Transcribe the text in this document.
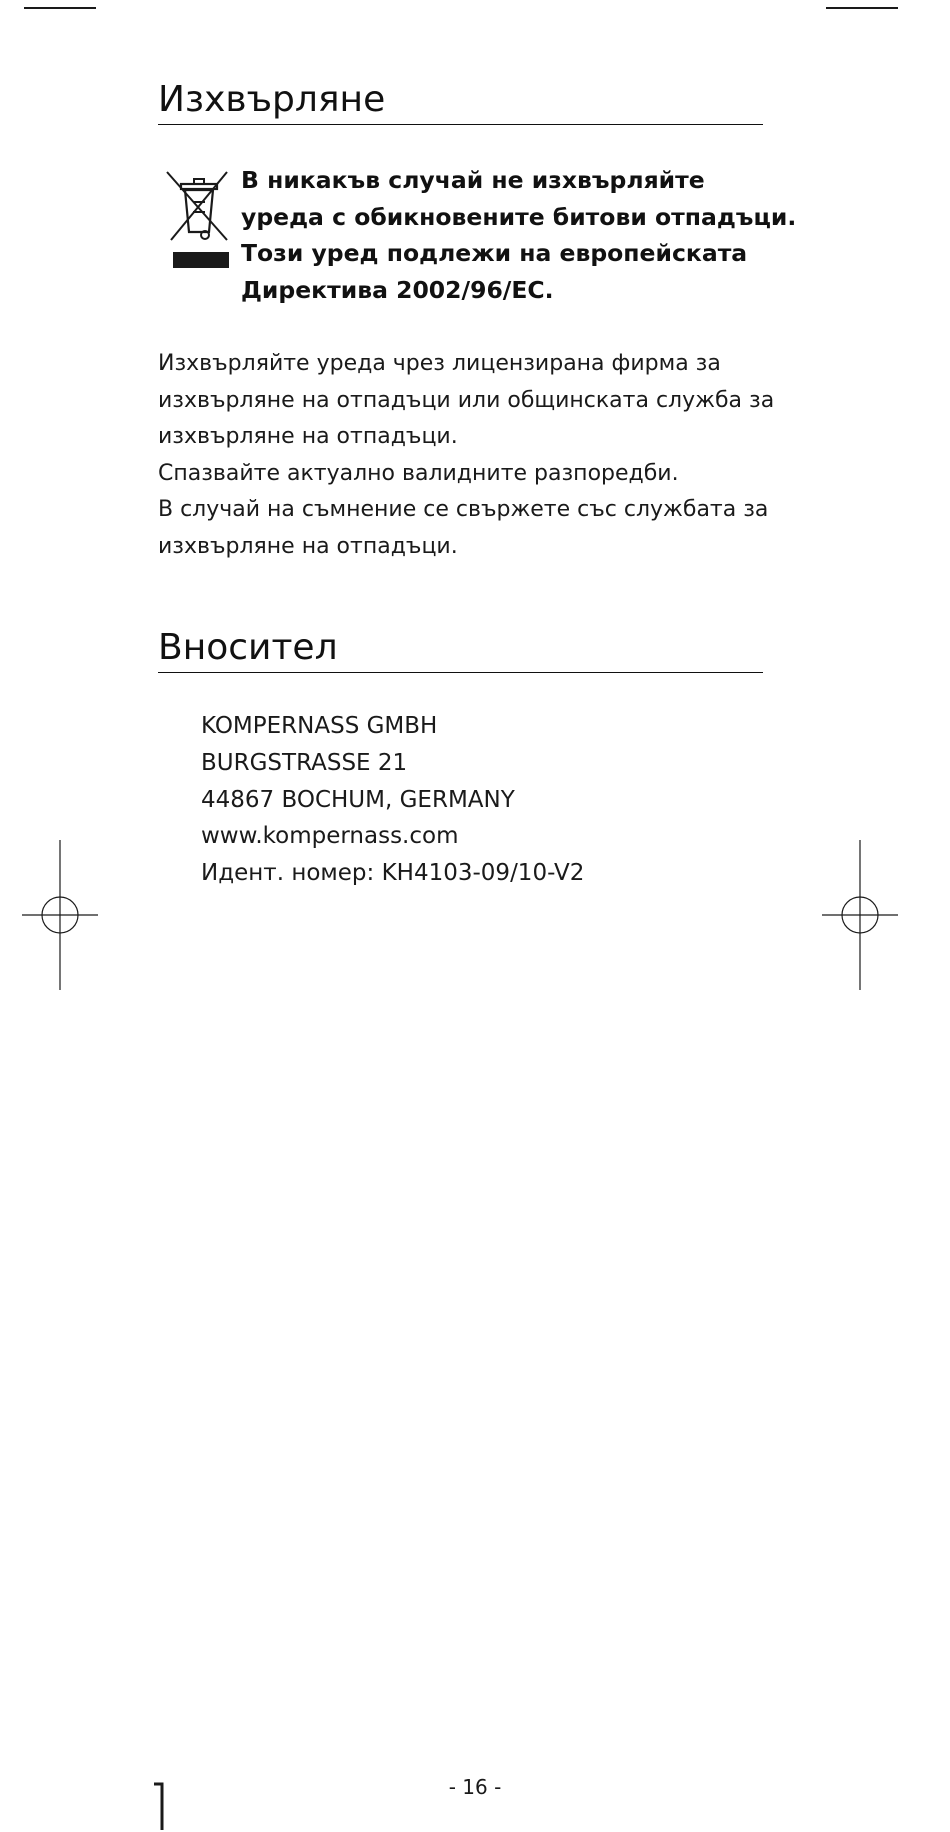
Изхвърляне
В никакъв случай не изхвърляйте
уреда с обикновените битови отпадъци.
Този уред подлежи на европейската
Директива 2002/96/EC.
Изхвърляйте уреда чрез лицензирана фирма за
изхвърляне на отпадъци или общинската служба за
изхвърляне на отпадъци.
Спазвайте актуално валидните разпоредби.
В случай на съмнение се свържете със службата за
изхвърляне на отпадъци.
Вносител
KOMPERNASS GMBH
BURGSTRASSE 21
44867 BOCHUM, GERMANY
www.kompernass.com
Идент. номер: KH4103-09/10-V2
- 16 -
